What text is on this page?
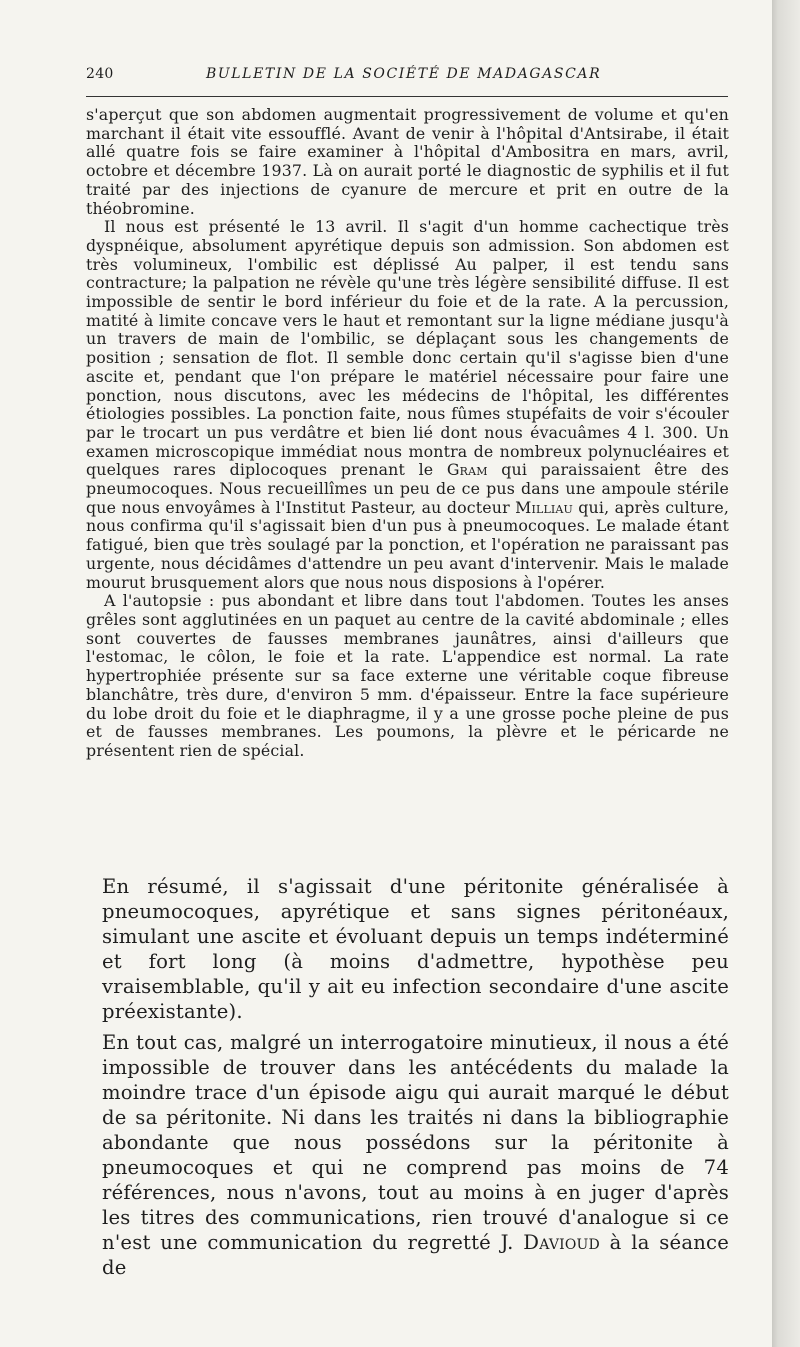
240	BULLETIN DE LA SOCIÉTÉ DE MADAGASCAR

s'aperçut que son abdomen augmentait progressivement de volume et qu'en marchant il était vite essoufflé. Avant de venir à l'hôpital d'Antsirabe, il était allé quatre fois se faire examiner à l'hôpital d'Ambositra en mars, avril, octobre et décembre 1937. Là on aurait porté le diagnostic de syphilis et il fut traité par des injections de cyanure de mercure et prit en outre de la théobromine.

Il nous est présenté le 13 avril. Il s'agit d'un homme cachectique très dyspnéique, absolument apyrétique depuis son admission. Son abdomen est très volumineux, l'ombilic est déplissé Au palper, il est tendu sans contracture; la palpation ne révèle qu'une très légère sensibilité diffuse. Il est impossible de sentir le bord inférieur du foie et de la rate. A la percussion, matité à limite concave vers le haut et remontant sur la ligne médiane jusqu'à un travers de main de l'ombilic, se déplaçant sous les changements de position ; sensation de flot. Il semble donc certain qu'il s'agisse bien d'une ascite et, pendant que l'on prépare le matériel nécessaire pour faire une ponction, nous discutons, avec les médecins de l'hôpital, les différentes étiologies possibles. La ponction faite, nous fûmes stupéfaits de voir s'écouler par le trocart un pus verdâtre et bien lié dont nous évacuâmes 4 l. 300. Un examen microscopique immédiat nous montra de nombreux polynucléaires et quelques rares diplocoques prenant le Gram qui paraissaient être des pneumocoques. Nous recueillîmes un peu de ce pus dans une ampoule stérile que nous envoyâmes à l'Institut Pasteur, au docteur Milliau qui, après culture, nous confirma qu'il s'agissait bien d'un pus à pneumocoques. Le malade étant fatigué, bien que très soulagé par la ponction, et l'opération ne paraissant pas urgente, nous décidâmes d'attendre un peu avant d'intervenir. Mais le malade mourut brusquement alors que nous nous disposions à l'opérer.

A l'autopsie : pus abondant et libre dans tout l'abdomen. Toutes les anses grêles sont agglutinées en un paquet au centre de la cavité abdominale ; elles sont couvertes de fausses membranes jaunâtres, ainsi d'ailleurs que l'estomac, le côlon, le foie et la rate. L'appendice est normal. La rate hypertrophiée présente sur sa face externe une véritable coque fibreuse blanchâtre, très dure, d'environ 5 mm. d'épaisseur. Entre la face supérieure du lobe droit du foie et le diaphragme, il y a une grosse poche pleine de pus et de fausses membranes. Les poumons, la plèvre et le péricarde ne présentent rien de spécial.

En résumé, il s'agissait d'une péritonite généralisée à pneumocoques, apyrétique et sans signes péritonéaux, simulant une ascite et évoluant depuis un temps indéterminé et fort long (à moins d'admettre, hypothèse peu vraisemblable, qu'il y ait eu infection secondaire d'une ascite préexistante).

En tout cas, malgré un interrogatoire minutieux, il nous a été impossible de trouver dans les antécédents du malade la moindre trace d'un épisode aigu qui aurait marqué le début de sa péritonite. Ni dans les traités ni dans la bibliographie abondante que nous possédons sur la péritonite à pneumocoques et qui ne comprend pas moins de 74 références, nous n'avons, tout au moins à en juger d'après les titres des communications, rien trouvé d'analogue si ce n'est une communication du regretté J. Davioud à la séance de
